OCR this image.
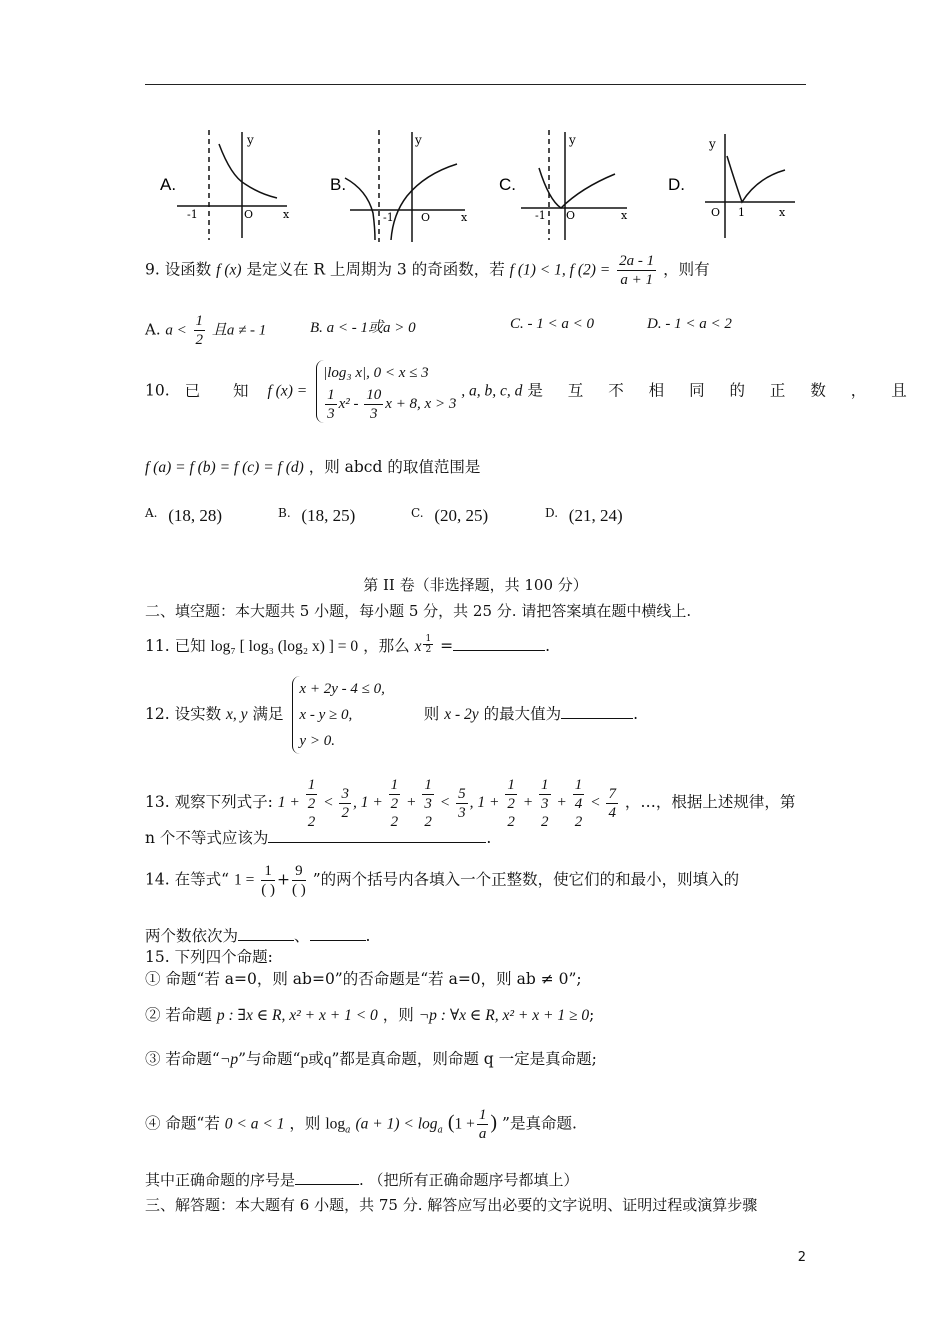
A.
y
-1	O	x
B.
y
-1 O	x
C.
y
-1 O	x
D.
y
O 1	x
9. 设函数 f (x) 是定义在 R 上周期为 3 的奇函数，若 f (1) < 1, f $(2) = \frac{2a - 1}{a + 1}$ ，则有
A. $a < \frac{1}{2}$ 且a ≠ - 1	B. a < - 1或a > 0	C. - 1 < a < 0	D. - 1 < a < 2
10. 已 知 f (x) =
|log₃ x|, 0 < x ≤ 3
$\frac{1}{3} x^2 - \frac{10}{3}$ x + 8, x > 3
, a, b, c, d 是 互 不 相 同 的 正 数 ， 且
f (a) = f (b) = f (c) = f (d) ，则 abcd 的取值范围是
$^{A.}$ (18, 28)	$^{B.}$ (18, 25)	$^{C.}$ (20, 25)	$^{D.}$ (21, 24)
第 II 卷（非选择题，共 100 分）
二、填空题：本大题共 5 小题，每小题 5 分，共 25 分. 请把答案填在题中横线上.
11. 已知 log₇ [ log₃ (log₂ x) ] = 0 ，那么 x $\frac{1}{2}$ =	.
12. 设实数 x, y 满足
x + 2y - 4 ≤ 0,
x - y ≥ 0,
y > 0.
则 x - 2y 的最大值为	.
13. 观察下列式子: 1 + 1
2
$2 < \frac{3}{2}$ , 1 + 1
2
2 + 1
3
$2 < \frac{5}{3}$ , 1 + 1
2
2 + 1
3
2 + 1
4
$2 < \frac{7}{4}$ ，…，根据上述规律，第
n 个不等式应该为	.
14. 在等式“ $1 = \frac{1}{( )} + \frac{9}{( )}$ ”的两个括号内各填入一个正整数，使它们的和最小，则填入的
两个数依次为	、	.
15. 下列四个命题:
① 命题“若 a=0，则 ab=0”的否命题是“若 a=0，则 ab ≠ 0”;
② 若命题 p : ∃x ∈ R, x² + x + 1 < 0 ，则 ¬p : ∀x ∈ R, x² + x + 1 ≥ 0;
③ 若命题“¬p”与命题“p或q”都是真命题，则命题 q 一定是真命题;
④ 命题“若 0 < a < 1 ，则 $\log_a (a + 1) < \log_a (1 + \frac{1}{a}$ ) ”是真命题.
其中正确命题的序号是	. （把所有正确命题序号都填上）
三、解答题：本大题有 6 小题，共 75 分. 解答应写出必要的文字说明、证明过程或演算步骤
2
